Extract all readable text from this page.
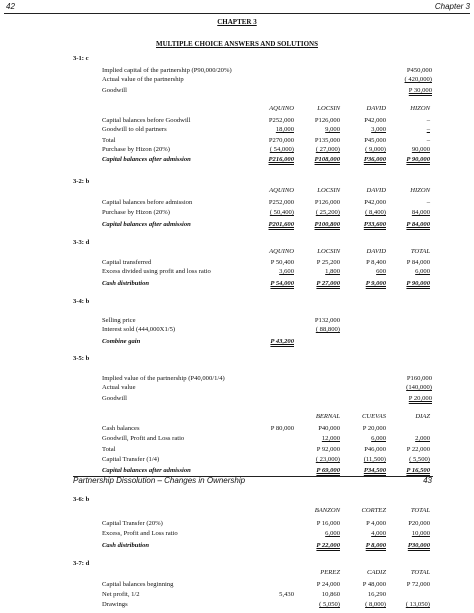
42	Chapter 3
CHAPTER 3
MULTIPLE CHOICE ANSWERS AND SOLUTIONS
3-1: c
Implied capital of the partnership (P90,000/20%)	P450,000
Actual value of the partnership	( 420,000)
Goodwill	P 30,000
AQUINO	LOCSIN	DAVID	HIZON
Capital balances before Goodwill	P252,000	P126,000	P42,000	–
Goodwill to old partners	18,000	9,000	3,000	–
Total	P270,000	P135,000	P45,000	–
Purchase by Hizon (20%)	( 54,000)	( 27,000)	( 9,000)	90,000
Capital balances after admission	P216,000	P108,000	P36,000	P 90,000
3-2: b
AQUINO	LOCSIN	DAVID	HIZON
Capital balances before admission	P252,000	P126,000	P42,000	–
Purchase by Hizon (20%)	( 50,400)	( 25,200)	( 8,400)	84,000
Capital balances after admission	P201,600	P100,800	P33,600	P 84,000
3-3: d
AQUINO	LOCSIN	DAVID	TOTAL
Capital transferred	P 50,400	P 25,200	P 8,400	P 84,000
Excess divided using profit and loss ratio	3,600	1,800	600	6,000
Cash distribution	P 54,000	P 27,000	P 9,000	P 90,000
3-4: b
Selling price	P132,000
Interest sold (444,000X1/5)	( 88,800)
Combine gain	P 43,200
3-5: b
Implied value of the partnership (P40,000/1/4)	P160,000
Actual value	(140,000)
Goodwill	P 20,000
BERNAL	CUEVAS	DIAZ
Cash balances	P 80,000	P40,000	P 20,000
Goodwill, Profit and Loss ratio	12,000	6,000	2,000
Total	P 92,000	P46,000	P 22,000
Capital Transfer (1/4)	( 23,000)	(11,500)	( 5,500)
Capital balances after admission	P 69,000	P34,500	P 16,500
Partnership Dissolution – Changes in Ownership	43
3-6: b
BANZON	CORTEZ	TOTAL
Capital Transfer (20%)	P 16,000	P 4,000	P20,000
Excess, Profit and Loss ratio	6,000	4,000	10,000
Cash distribution	P 22,000	P 8,000	P30,000
3-7: d
PEREZ	CADIZ	TOTAL
Capital balances beginning	P 24,000	P 48,000	P 72,000
Net profit, 1/2	5,430	10,860	16,290
Drawings	( 5,050)	( 8,000)	( 13,050)
